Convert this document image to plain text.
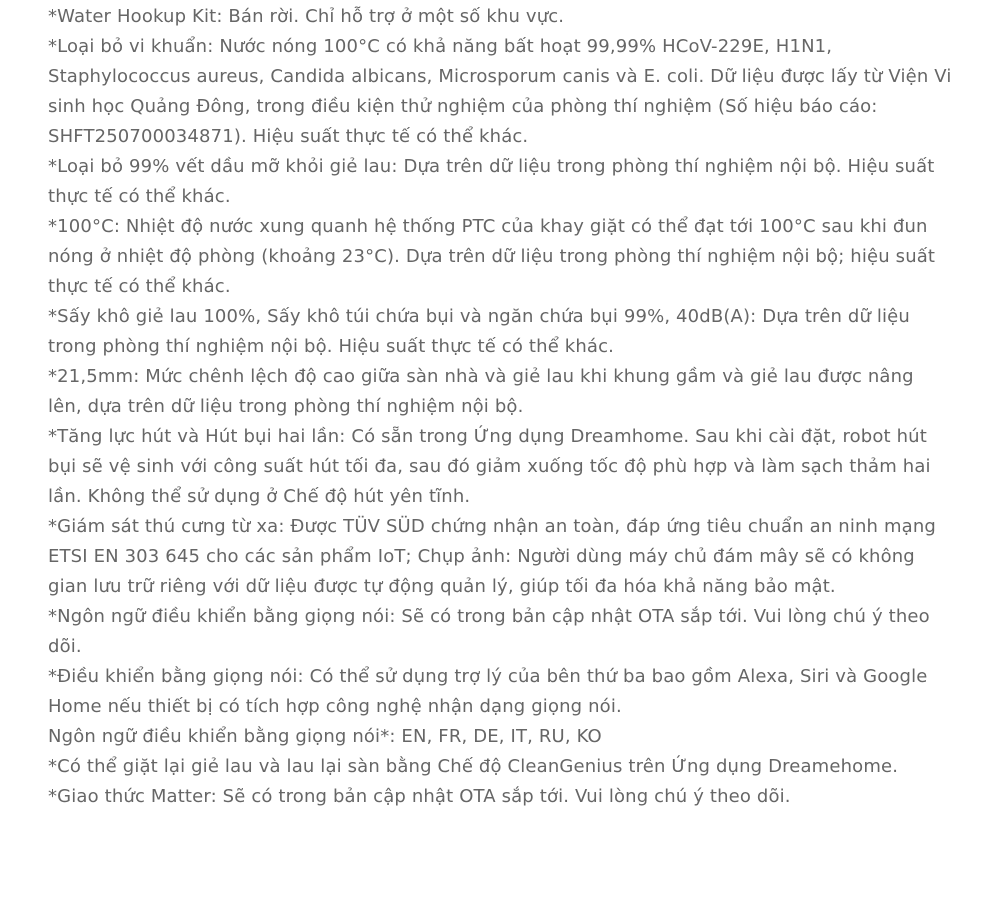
*Water Hookup Kit: Bán rời. Chỉ hỗ trợ ở một số khu vực.

*Loại bỏ vi khuẩn: Nước nóng 100°C có khả năng bất hoạt 99,99% HCoV-229E, H1N1, Staphylococcus aureus, Candida albicans, Microsporum canis và E. coli. Dữ liệu được lấy từ Viện Vi sinh học Quảng Đông, trong điều kiện thử nghiệm của phòng thí nghiệm (Số hiệu báo cáo: SHFT250700034871). Hiệu suất thực tế có thể khác.

*Loại bỏ 99% vết dầu mỡ khỏi giẻ lau: Dựa trên dữ liệu trong phòng thí nghiệm nội bộ. Hiệu suất thực tế có thể khác.

*100°C: Nhiệt độ nước xung quanh hệ thống PTC của khay giặt có thể đạt tới 100°C sau khi đun nóng ở nhiệt độ phòng (khoảng 23°C). Dựa trên dữ liệu trong phòng thí nghiệm nội bộ; hiệu suất thực tế có thể khác.

*Sấy khô giẻ lau 100%, Sấy khô túi chứa bụi và ngăn chứa bụi 99%, 40dB(A): Dựa trên dữ liệu trong phòng thí nghiệm nội bộ. Hiệu suất thực tế có thể khác.

*21,5mm: Mức chênh lệch độ cao giữa sàn nhà và giẻ lau khi khung gầm và giẻ lau được nâng lên, dựa trên dữ liệu trong phòng thí nghiệm nội bộ.

*Tăng lực hút và Hút bụi hai lần: Có sẵn trong Ứng dụng Dreamhome. Sau khi cài đặt, robot hút bụi sẽ vệ sinh với công suất hút tối đa, sau đó giảm xuống tốc độ phù hợp và làm sạch thảm hai lần. Không thể sử dụng ở Chế độ hút yên tĩnh.

*Giám sát thú cưng từ xa: Được TÜV SÜD chứng nhận an toàn, đáp ứng tiêu chuẩn an ninh mạng ETSI EN 303 645 cho các sản phẩm IoT; Chụp ảnh: Người dùng máy chủ đám mây sẽ có không gian lưu trữ riêng với dữ liệu được tự động quản lý, giúp tối đa hóa khả năng bảo mật.

*Ngôn ngữ điều khiển bằng giọng nói: Sẽ có trong bản cập nhật OTA sắp tới. Vui lòng chú ý theo dõi.

*Điều khiển bằng giọng nói: Có thể sử dụng trợ lý của bên thứ ba bao gồm Alexa, Siri và Google Home nếu thiết bị có tích hợp công nghệ nhận dạng giọng nói.

Ngôn ngữ điều khiển bằng giọng nói*: EN, FR, DE, IT, RU, KO

*Có thể giặt lại giẻ lau và lau lại sàn bằng Chế độ CleanGenius trên Ứng dụng Dreamehome.

*Giao thức Matter: Sẽ có trong bản cập nhật OTA sắp tới. Vui lòng chú ý theo dõi.
